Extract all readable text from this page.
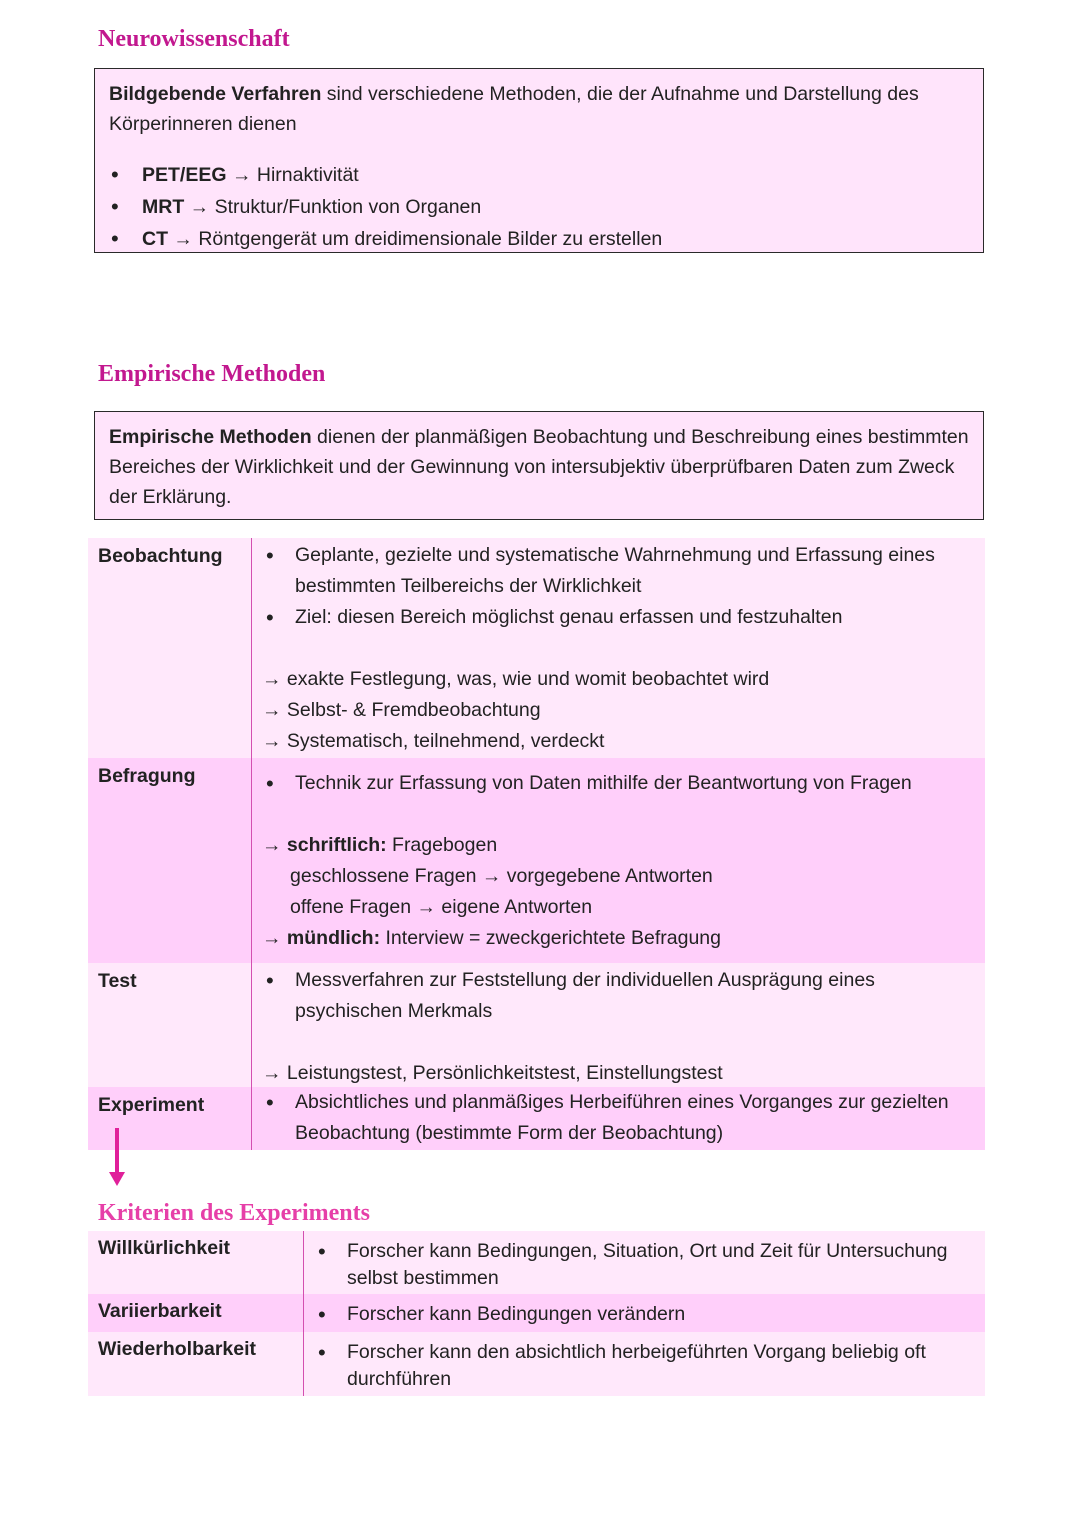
Neurowissenschaft

Bildgebende Verfahren sind verschiedene Methoden, die der Aufnahme und Darstellung des Körperinneren dienen

• PET/EEG → Hirnaktivität
• MRT → Struktur/Funktion von Organen
• CT → Röntgengerät um dreidimensionale Bilder zu erstellen
Empirische Methoden

Empirische Methoden dienen der planmäßigen Beobachtung und Beschreibung eines bestimmten Bereiches der Wirklichkeit und der Gewinnung von intersubjektiv überprüfbaren Daten zum Zweck der Erklärung.

Beobachtung	• Geplante, gezielte und systematische Wahrnehmung und Erfassung eines bestimmten Teilbereichs der Wirklichkeit
• Ziel: diesen Bereich möglichst genau erfassen und festzuhalten
→ exakte Festlegung, was, wie und womit beobachtet wird
→ Selbst- & Fremdbeobachtung
→ Systematisch, teilnehmend, verdeckt
Befragung	• Technik zur Erfassung von Daten mithilfe der Beantwortung von Fragen
→ schriftlich: Fragebogen
geschlossene Fragen → vorgegebene Antworten
offene Fragen → eigene Antworten
→ mündlich: Interview = zweckgerichtete Befragung
Test	• Messverfahren zur Feststellung der individuellen Ausprägung eines psychischen Merkmals
→ Leistungstest, Persönlichkeitstest, Einstellungstest
Experiment	• Absichtliches und planmäßiges Herbeiführen eines Vorganges zur gezielten Beobachtung (bestimmte Form der Beobachtung)
Kriterien des Experiments
Willkürlichkeit	• Forscher kann Bedingungen, Situation, Ort und Zeit für Untersuchung selbst bestimmen
Variierbarkeit	• Forscher kann Bedingungen verändern
Wiederholbarkeit	• Forscher kann den absichtlich herbeigeführten Vorgang beliebig oft durchführen
